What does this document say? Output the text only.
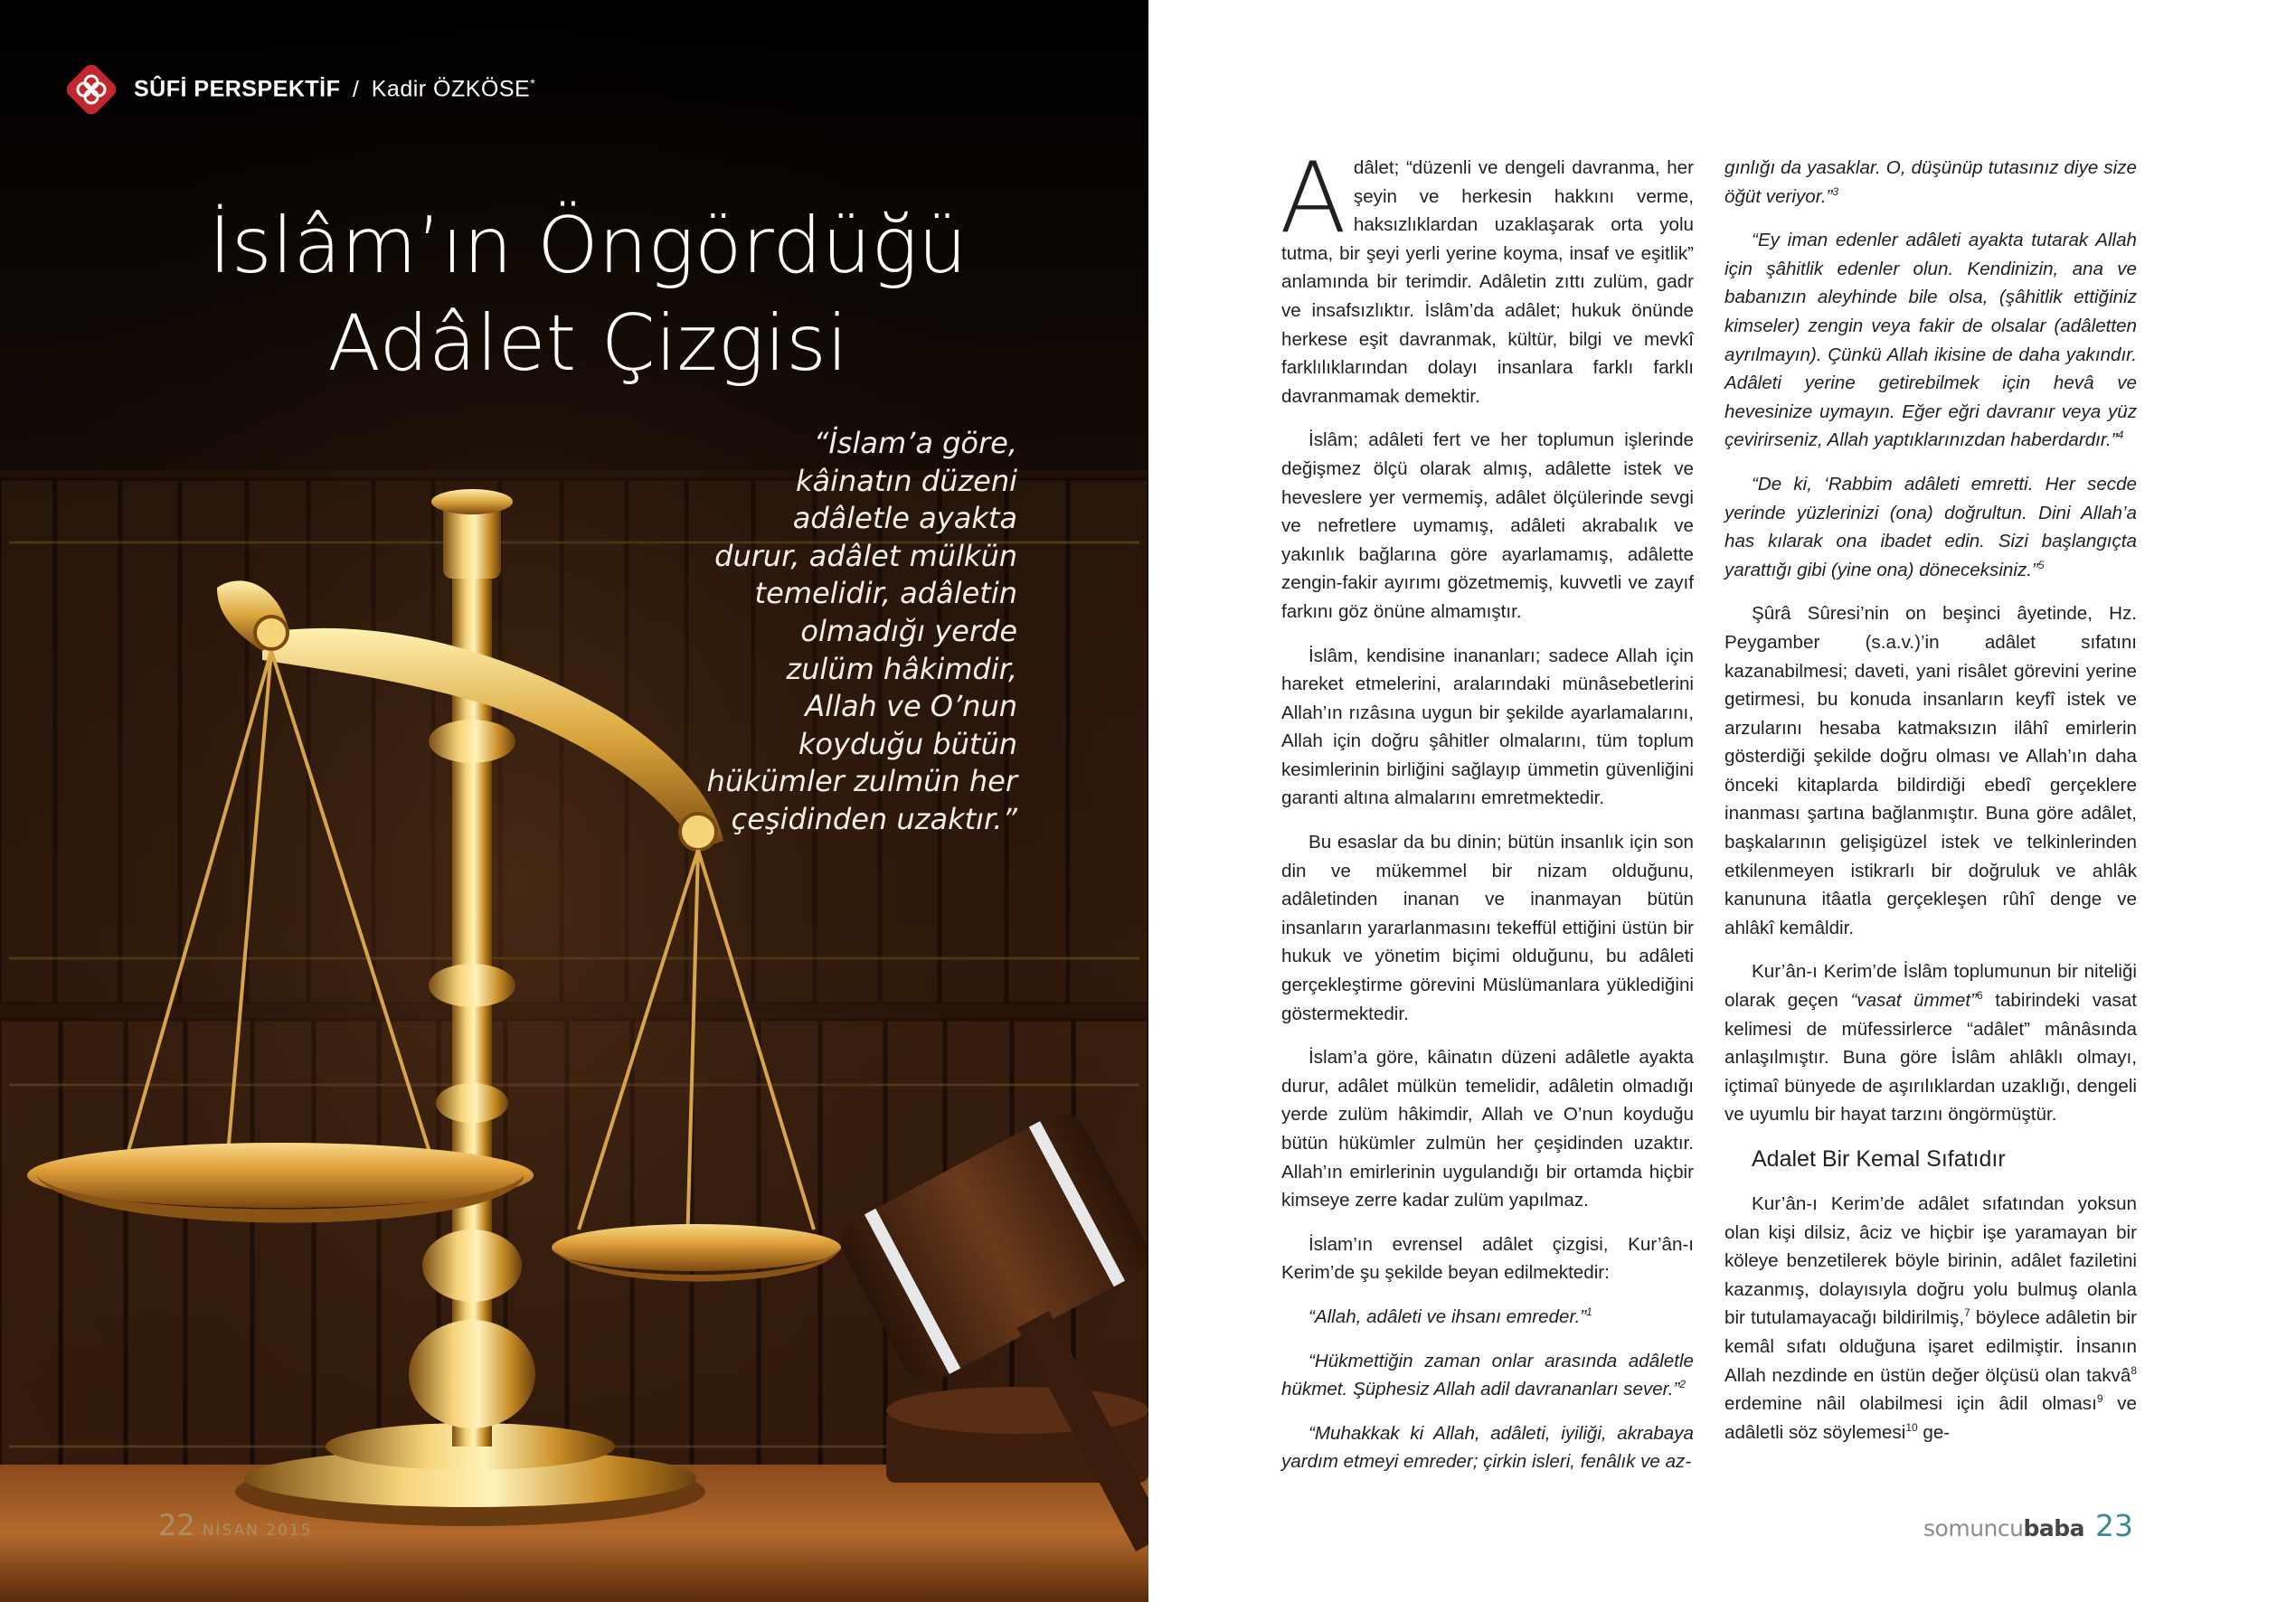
SÛFİ PERSPEKTİF / Kadir ÖZKÖSE*
İslâm’ın Öngördüğü
Adâlet Çizgisi

“İslam’a göre, kâinatın düzeni adâletle ayakta durur, adâlet mülkün temelidir, adâletin olmadığı yerde zulüm hâkimdir, Allah ve O’nun koyduğu bütün hükümler zulmün her çeşidinden uzaktır.”

22 NİSAN 2015

Adâlet; “düzenli ve dengeli davranma, her şeyin ve herkesin hakkını verme, haksızlıklardan uzaklaşarak orta yolu tutma, bir şeyi yerli yerine koyma, insaf ve eşitlik” anlamında bir terimdir. Adâletin zıttı zulüm, gadr ve insafsızlıktır. İslâm’da adâlet; hukuk önünde herkese eşit davranmak, kültür, bilgi ve mevkî farklılıklarından dolayı insanlara farklı farklı davranmamak demektir.

İslâm; adâleti fert ve her toplumun işlerinde değişmez ölçü olarak almış, adâlette istek ve heveslere yer vermemiş, adâlet ölçülerinde sevgi ve nefretlere uymamış, adâleti akrabalık ve yakınlık bağlarına göre ayarlamamış, adâlette zengin-fakir ayırımı gözetmemiş, kuvvetli ve zayıf farkını göz önüne almamıştır.

İslâm, kendisine inananları; sadece Allah için hareket etmelerini, aralarındaki münâsebetlerini Allah’ın rızâsına uygun bir şekilde ayarlamalarını, Allah için doğru şâhitler olmalarını, tüm toplum kesimlerinin birliğini sağlayıp ümmetin güvenliğini garanti altına almalarını emretmektedir.

Bu esaslar da bu dinin; bütün insanlık için son din ve mükemmel bir nizam olduğunu, adâletinden inanan ve inanmayan bütün insanların yararlanmasını tekeffül ettiğini üstün bir hukuk ve yönetim biçimi olduğunu, bu adâleti gerçekleştirme görevini Müslümanlara yüklediğini göstermektedir.

İslam’a göre, kâinatın düzeni adâletle ayakta durur, adâlet mülkün temelidir, adâletin olmadığı yerde zulüm hâkimdir, Allah ve O’nun koyduğu bütün hükümler zulmün her çeşidinden uzaktır. Allah’ın emirlerinin uygulandığı bir ortamda hiçbir kimseye zerre kadar zulüm yapılmaz.

İslam’ın evrensel adâlet çizgisi, Kur’ân-ı Kerim’de şu şekilde beyan edilmektedir:

“Allah, adâleti ve ihsanı emreder.”$^1$

“Hükmettiğin zaman onlar arasında adâletle hükmet. Şüphesiz Allah adil davrananları sever.”$^2$

“Muhakkak ki Allah, adâleti, iyiliği, akrabaya yardım etmeyi emreder; çirkin isleri, fenâlık ve az-

gınlığı da yasaklar. O, düşünüp tutasınız diye size öğüt veriyor.”$^3$

“Ey iman edenler adâleti ayakta tutarak Allah için şâhitlik edenler olun. Kendinizin, ana ve babanızın aleyhinde bile olsa, (şâhitlik ettiğiniz kimseler) zengin veya fakir de olsalar (adâletten ayrılmayın). Çünkü Allah ikisine de daha yakındır. Adâleti yerine getirebilmek için hevâ ve hevesinize uymayın. Eğer eğri davranır veya yüz çevirirseniz, Allah yaptıklarınızdan haberdardır.”$^4$

“De ki, ‘Rabbim adâleti emretti. Her secde yerinde yüzlerinizi (ona) doğrultun. Dini Allah’a has kılarak ona ibadet edin. Sizi başlangıçta yarattığı gibi (yine ona) döneceksiniz.”$^5$

Şûrâ Sûresi’nin on beşinci âyetinde, Hz. Peygamber (s.a.v.)’in adâlet sıfatını kazanabilmesi; daveti, yani risâlet görevini yerine getirmesi, bu konuda insanların keyfî istek ve arzularını hesaba katmaksızın ilâhî emirlerin gösterdiği şekilde doğru olması ve Allah’ın daha önceki kitaplarda bildirdiği ebedî gerçeklere inanması şartına bağlanmıştır. Buna göre adâlet, başkalarının gelişigüzel istek ve telkinlerinden etkilenmeyen istikrarlı bir doğruluk ve ahlâk kanununa itâatla gerçekleşen rûhî denge ve ahlâkî kemâldir.

Kur’ân-ı Kerim’de İslâm toplumunun bir niteliği olarak geçen “vasat ümmet”$^6$ tabirindeki vasat kelimesi de müfessirlerce “adâlet” mânâsında anlaşılmıştır. Buna göre İslâm ahlâklı olmayı, içtimaî bünyede de aşırılıklardan uzaklığı, dengeli ve uyumlu bir hayat tarzını öngörmüştür.

Adalet Bir Kemal Sıfatıdır

Kur’ân-ı Kerim’de adâlet sıfatından yoksun olan kişi dilsiz, âciz ve hiçbir işe yaramayan bir köleye benzetilerek böyle birinin, adâlet faziletini kazanmış, dolayısıyla doğru yolu bulmuş olanla bir tutulamayacağı bildirilmiş,$^7$ böylece adâletin bir kemâl sıfatı olduğuna işaret edilmiştir. İnsanın Allah nezdinde en üstün değer ölçüsü olan takvâ$^8$ erdemine nâil olabilmesi için âdil olması$^9$ ve adâletli söz söylemesi$^{10}$ ge-

somuncubaba 23
